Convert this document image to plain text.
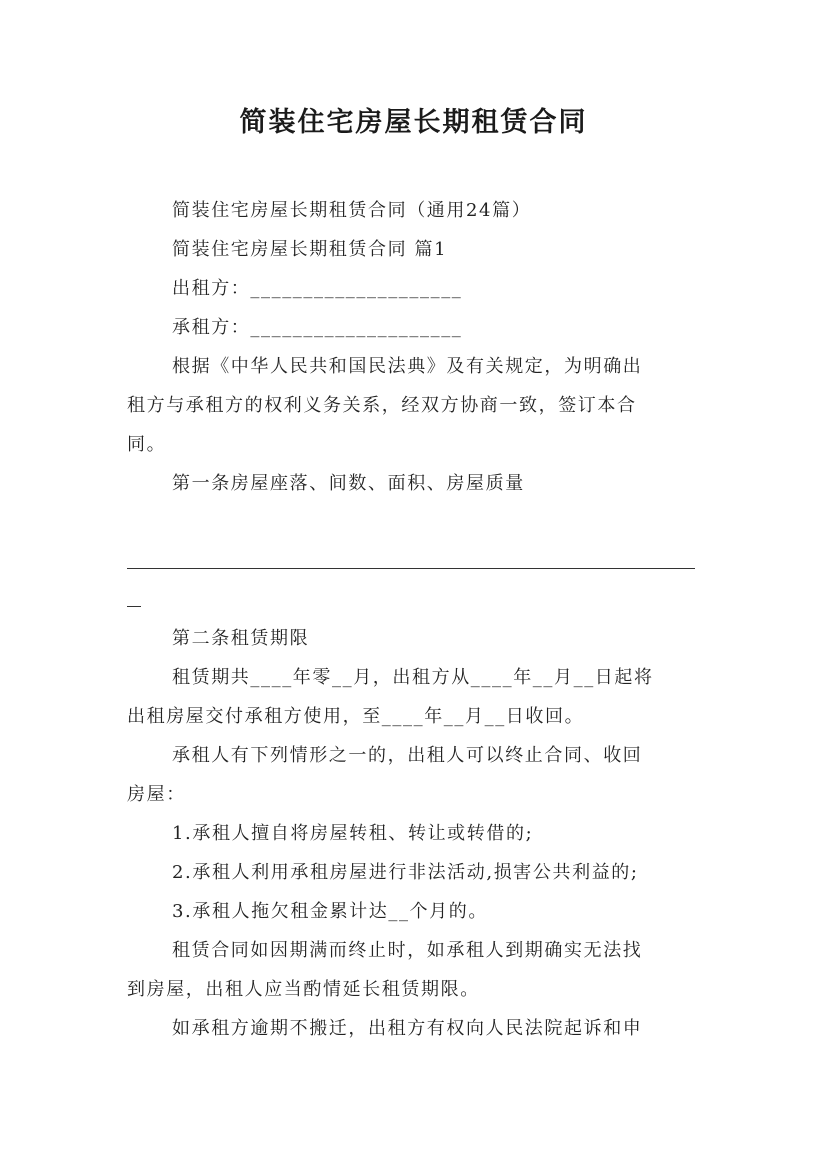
简装住宅房屋长期租赁合同
简装住宅房屋长期租赁合同（通用24篇）
简装住宅房屋长期租赁合同 篇1
出租方：____________________
承租方：____________________
根据《中华人民共和国民法典》及有关规定，为明确出
租方与承租方的权利义务关系，经双方协商一致，签订本合
同。
第一条房屋座落、间数、面积、房屋质量
第二条租赁期限
租赁期共____年零__月，出租方从____年__月__日起将
出租房屋交付承租方使用，至____年__月__日收回。
承租人有下列情形之一的，出租人可以终止合同、收回
房屋：
1.承租人擅自将房屋转租、转让或转借的;
2.承租人利用承租房屋进行非法活动,损害公共利益的;
3.承租人拖欠租金累计达__个月的。
租赁合同如因期满而终止时，如承租人到期确实无法找
到房屋，出租人应当酌情延长租赁期限。
如承租方逾期不搬迁，出租方有权向人民法院起诉和申
